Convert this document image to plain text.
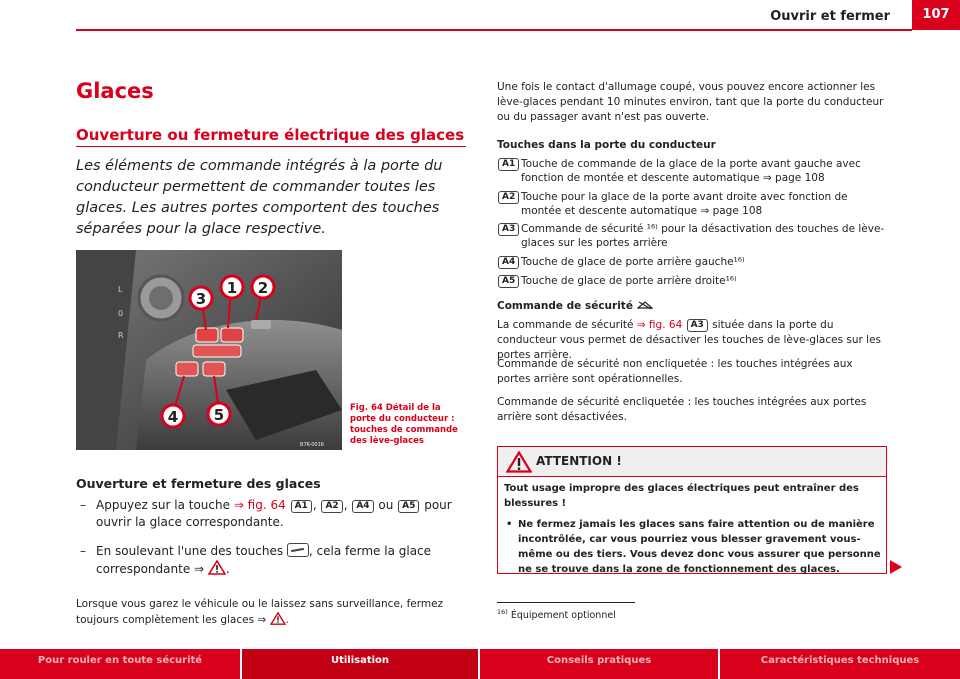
Ouvrir et fermer	107
Glaces
Ouverture ou fermeture électrique des glaces
Les éléments de commande intégrés à la porte du conducteur permettent de commander toutes les glaces. Les autres portes comportent des touches séparées pour la glace respective.
L
0
R
3
1 2
4 5
B7K-0016
Fig. 64 Détail de la porte du conducteur : touches de commande des lève-glaces
Ouverture et fermeture des glaces
– Appuyez sur la touche ⇒ fig. 64 A1 , A2 , A4 ou A5 pour ouvrir la glace correspondante.
– En soulevant l'une des touches , cela ferme la glace correspondante ⇒ .
Lorsque vous garez le véhicule ou le laissez sans surveillance, fermez toujours complètement les glaces ⇒ .
Une fois le contact d'allumage coupé, vous pouvez encore actionner les lève-glaces pendant 10 minutes environ, tant que la porte du conducteur ou du passager avant n'est pas ouverte.
Touches dans la porte du conducteur
A1 Touche de commande de la glace de la porte avant gauche avec fonction de montée et descente automatique ⇒ page 108
A2 Touche pour la glace de la porte avant droite avec fonction de montée et descente automatique ⇒ page 108
A3 Commande de sécurité ¹⁶⁾ pour la désactivation des touches de lève-glaces sur les portes arrière
A4 Touche de glace de porte arrière gauche¹⁶⁾
A5 Touche de glace de porte arrière droite¹⁶⁾
Commande de sécurité
La commande de sécurité ⇒ fig. 64 A3 située dans la porte du conducteur vous permet de désactiver les touches de lève-glaces sur les portes arrière.
Commande de sécurité non encliquetée : les touches intégrées aux portes arrière sont opérationnelles.
Commande de sécurité encliquetée : les touches intégrées aux portes arrière sont désactivées.
ATTENTION !
Tout usage impropre des glaces électriques peut entraîner des blessures !
• Ne fermez jamais les glaces sans faire attention ou de manière incontrôlée, car vous pourriez vous blesser gravement vous-même ou des tiers. Vous devez donc vous assurer que personne ne se trouve dans la zone de fonctionnement des glaces.
$^{16)}$ Équipement optionnel
Pour rouler en toute sécurité	Utilisation	Conseils pratiques	Caractéristiques techniques
